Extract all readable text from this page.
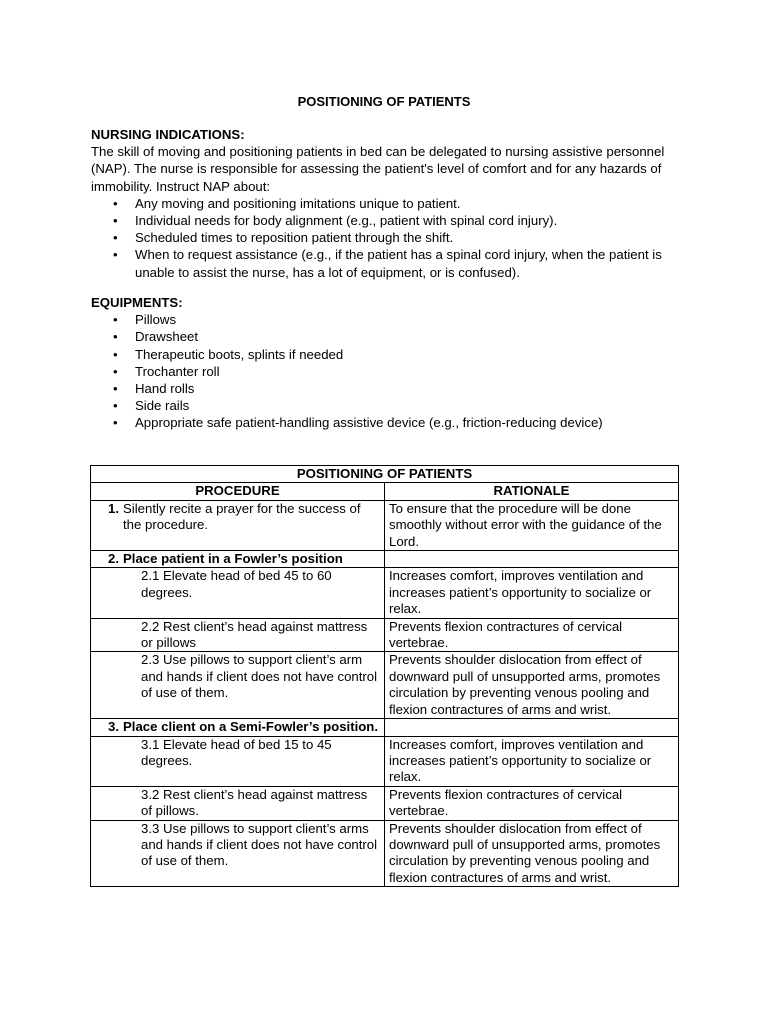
POSITIONING OF PATIENTS
NURSING INDICATIONS:

The skill of moving and positioning patients in bed can be delegated to nursing assistive personnel (NAP). The nurse is responsible for assessing the patient's level of comfort and for any hazards of immobility. Instruct NAP about:

• Any moving and positioning imitations unique to patient.
• Individual needs for body alignment (e.g., patient with spinal cord injury).
• Scheduled times to reposition patient through the shift.
• When to request assistance (e.g., if the patient has a spinal cord injury, when the patient is unable to assist the nurse, has a lot of equipment, or is confused).
EQUIPMENTS:
• Pillows
• Drawsheet
• Therapeutic boots, splints if needed
• Trochanter roll
• Hand rolls
• Side rails
• Appropriate safe patient-handling assistive device (e.g., friction-reducing device)
POSITIONING OF PATIENTS	
PROCEDURE	RATIONALE

1. Silently recite a prayer for the success of the procedure.	To ensure that the procedure will be done smoothly without error with the guidance of the Lord.

2. Place patient in a Fowler’s position	

2.1 Elevate head of bed 45 to 60 degrees.	Increases comfort, improves ventilation and increases patient’s opportunity to socialize or relax.
2.2 Rest client’s head against mattress or pillows	Prevents flexion contractures of cervical vertebrae.
2.3 Use pillows to support client’s arm and hands if client does not have control of use of them.	Prevents shoulder dislocation from effect of downward pull of unsupported arms, promotes circulation by preventing venous pooling and flexion contractures of arms and wrist.

3. Place client on a Semi-Fowler’s position.	

3.1 Elevate head of bed 15 to 45 degrees.	Increases comfort, improves ventilation and increases patient’s opportunity to socialize or relax.
3.2 Rest client’s head against mattress of pillows.	Prevents flexion contractures of cervical vertebrae.
3.3 Use pillows to support client’s arms and hands if client does not have control of use of them.	Prevents shoulder dislocation from effect of downward pull of unsupported arms, promotes circulation by preventing venous pooling and flexion contractures of arms and wrist.
